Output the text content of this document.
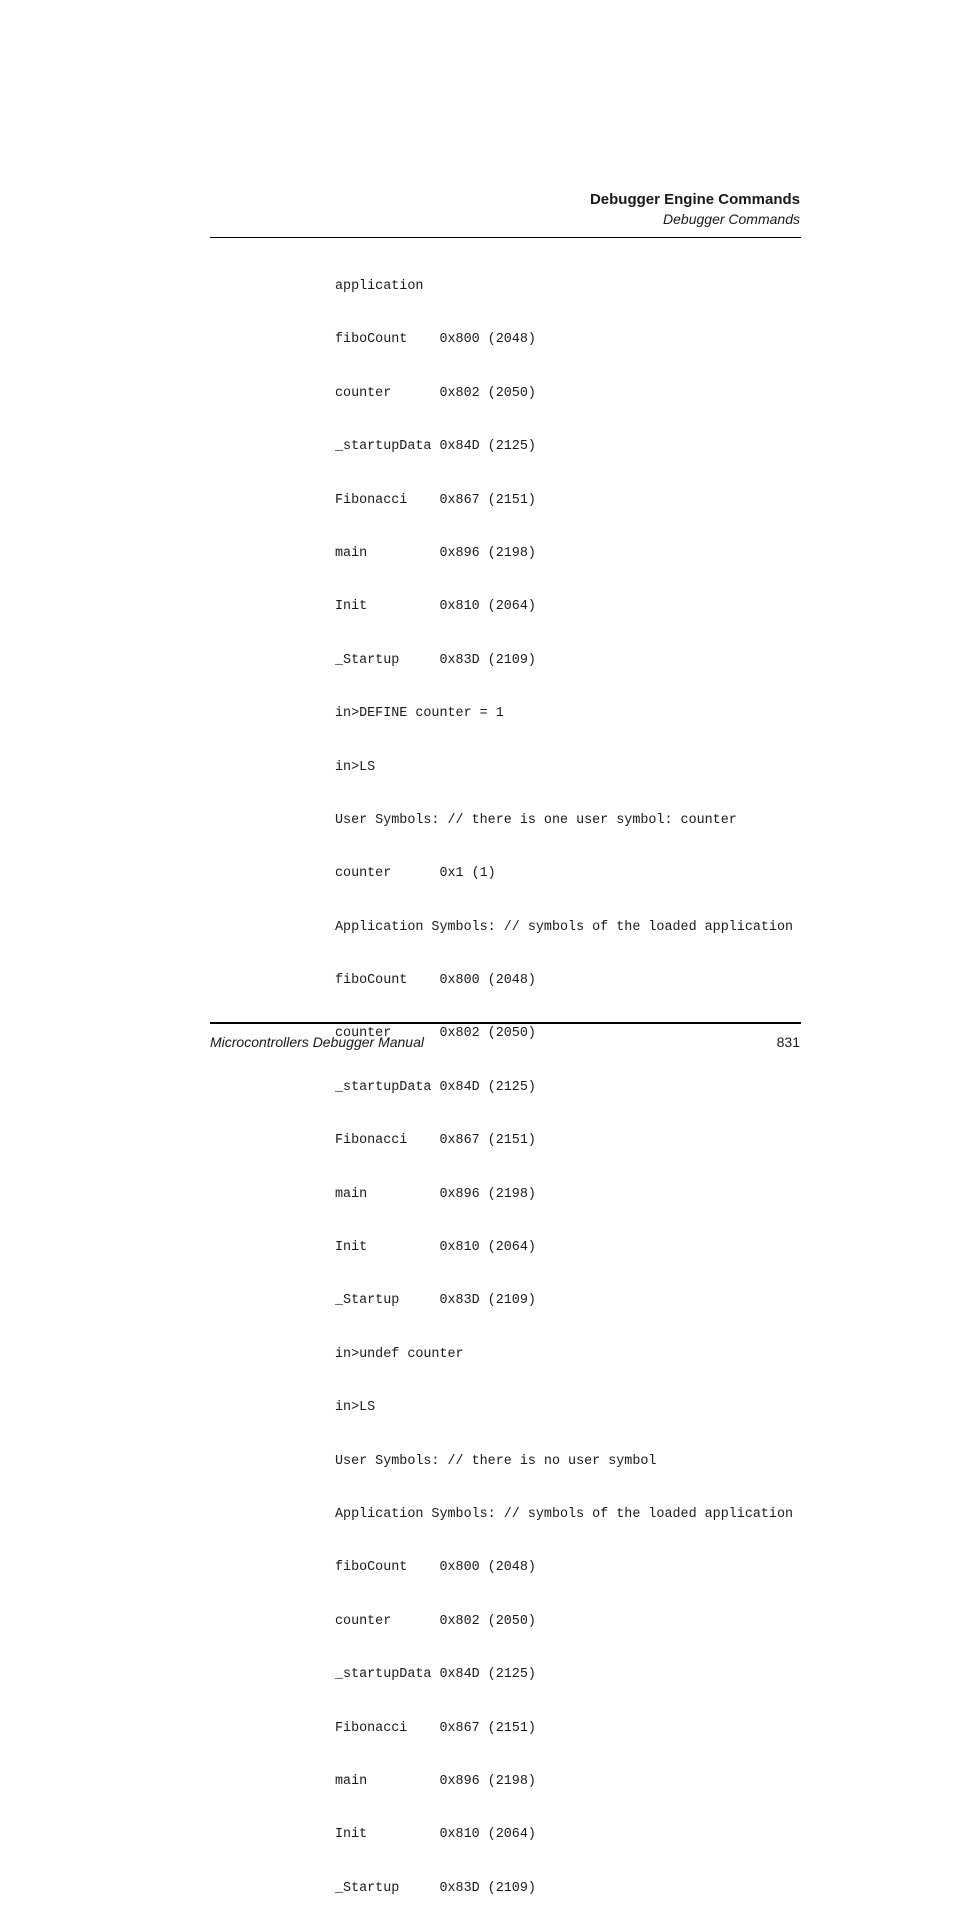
Debugger Engine Commands
Debugger Commands

application

fiboCount    0x800 (2048)

counter      0x802 (2050)

_startupData 0x84D (2125)

Fibonacci    0x867 (2151)

main         0x896 (2198)

Init         0x810 (2064)

_Startup     0x83D (2109)

in>DEFINE counter = 1

in>LS

User Symbols: // there is one user symbol: counter

counter      0x1 (1)

Application Symbols: // symbols of the loaded application

fiboCount    0x800 (2048)

counter      0x802 (2050)

_startupData 0x84D (2125)

Fibonacci    0x867 (2151)

main         0x896 (2198)

Init         0x810 (2064)

_Startup     0x83D (2109)

in>undef counter

in>LS

User Symbols: // there is no user symbol

Application Symbols: // symbols of the loaded application

fiboCount    0x800 (2048)

counter      0x802 (2050)

_startupData 0x84D (2125)

Fibonacci    0x867 (2151)

main         0x896 (2198)

Init         0x810 (2064)

_Startup     0x83D (2109)

Microcontrollers Debugger Manual	831
